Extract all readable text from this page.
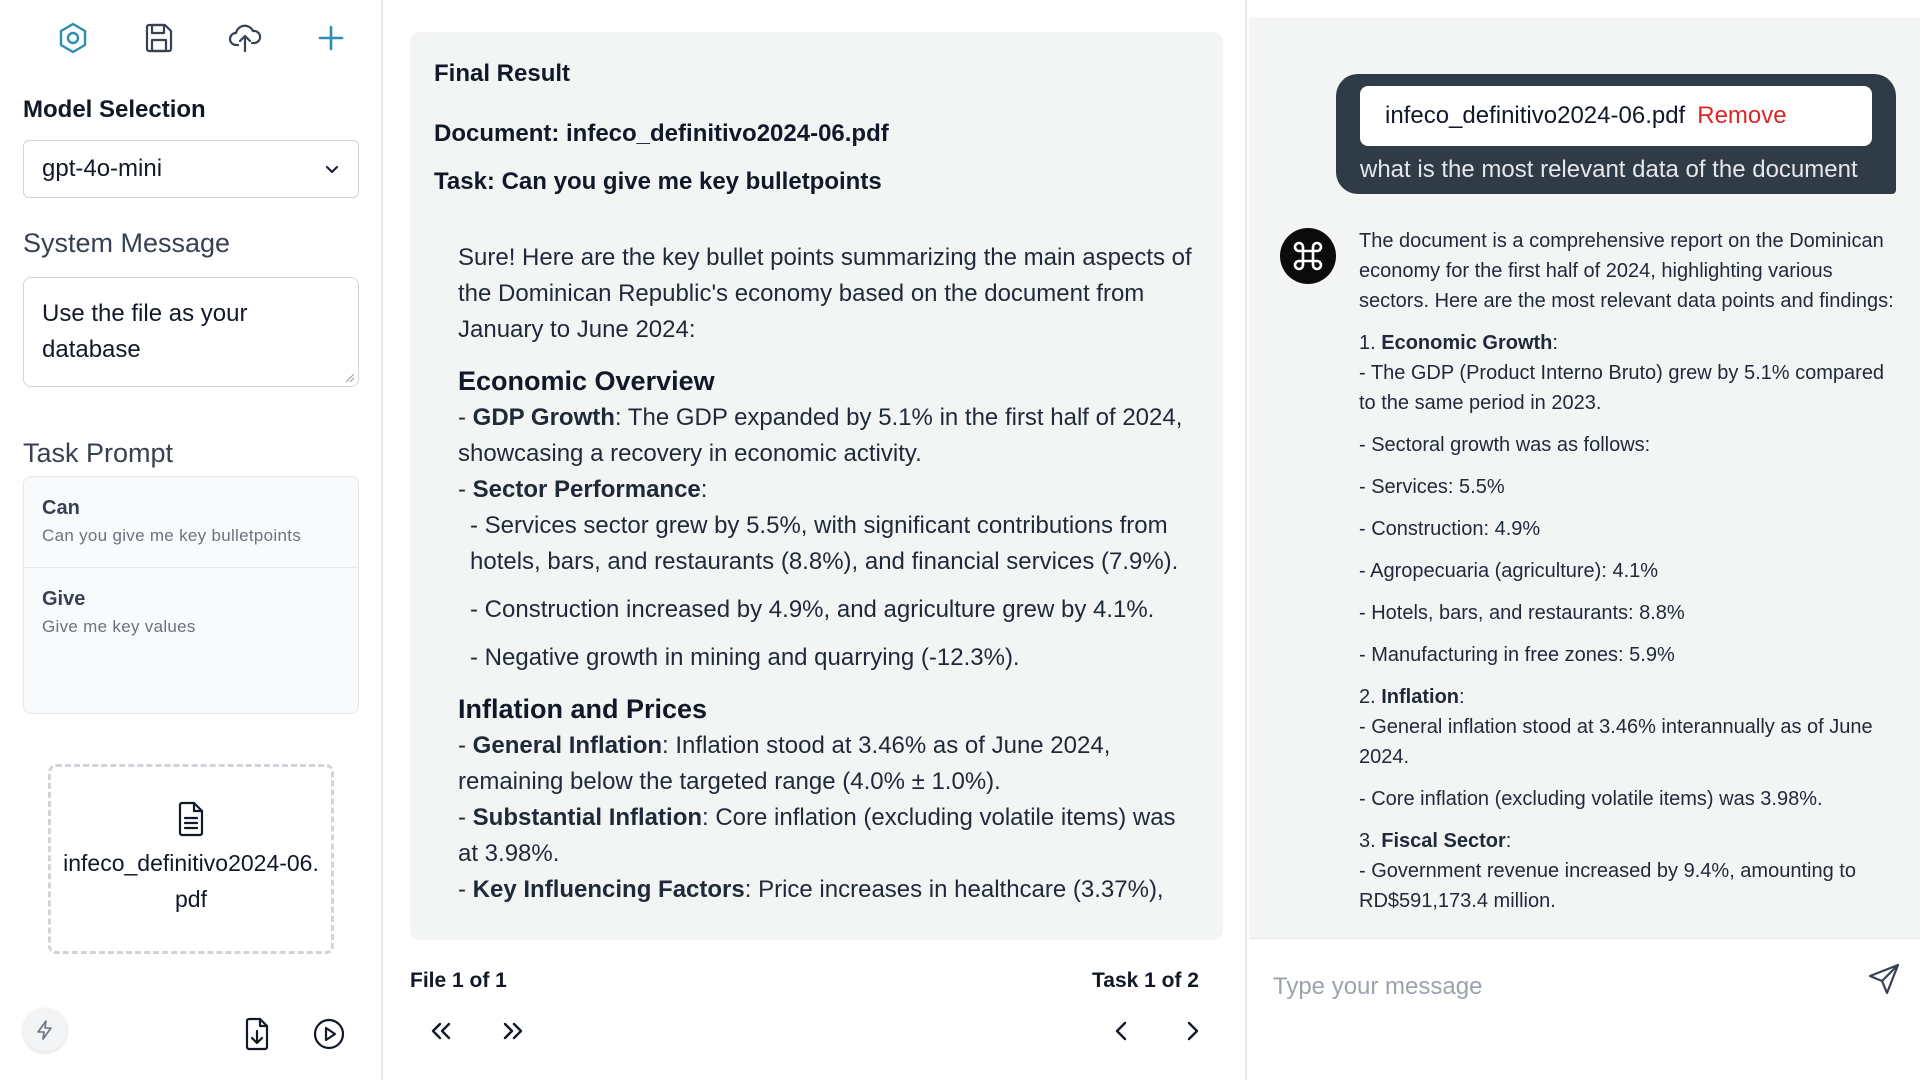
Model Selection
gpt-4o-mini
System Message
Use the file as your database
Task Prompt
Can
Can you give me key bulletpoints
Give
Give me key values
infeco_definitivo2024-06.pdf
Final Result
Document: infeco_definitivo2024-06.pdf
Task: Can you give me key bulletpoints

Sure! Here are the key bullet points summarizing the main aspects of the Dominican Republic's economy based on the document from January to June 2024:

Economic Overview

- GDP Growth: The GDP expanded by 5.1% in the first half of 2024, showcasing a recovery in economic activity.

- Sector Performance:

- Services sector grew by 5.5%, with significant contributions from hotels, bars, and restaurants (8.8%), and financial services (7.9%).

- Construction increased by 4.9%, and agriculture grew by 4.1%.

- Negative growth in mining and quarrying (-12.3%).

Inflation and Prices

- General Inflation: Inflation stood at 3.46% as of June 2024, remaining below the targeted range (4.0% ± 1.0%).

- Substantial Inflation: Core inflation (excluding volatile items) was at 3.98%.

- Key Influencing Factors: Price increases in healthcare (3.37%),

File 1 of 1	Task 1 of 2
infeco_definitivo2024-06.pdf Remove
what is the most relevant data of the document

The document is a comprehensive report on the Dominican economy for the first half of 2024, highlighting various sectors. Here are the most relevant data points and findings:

1. Economic Growth:

- The GDP (Product Interno Bruto) grew by 5.1% compared to the same period in 2023.

- Sectoral growth was as follows:

- Services: 5.5%

- Construction: 4.9%

- Agropecuaria (agriculture): 4.1%

- Hotels, bars, and restaurants: 8.8%

- Manufacturing in free zones: 5.9%

2. Inflation:

- General inflation stood at 3.46% interannually as of June 2024.

- Core inflation (excluding volatile items) was 3.98%.

3. Fiscal Sector:

- Government revenue increased by 9.4%, amounting to RD$591,173.4 million.

Type your message
